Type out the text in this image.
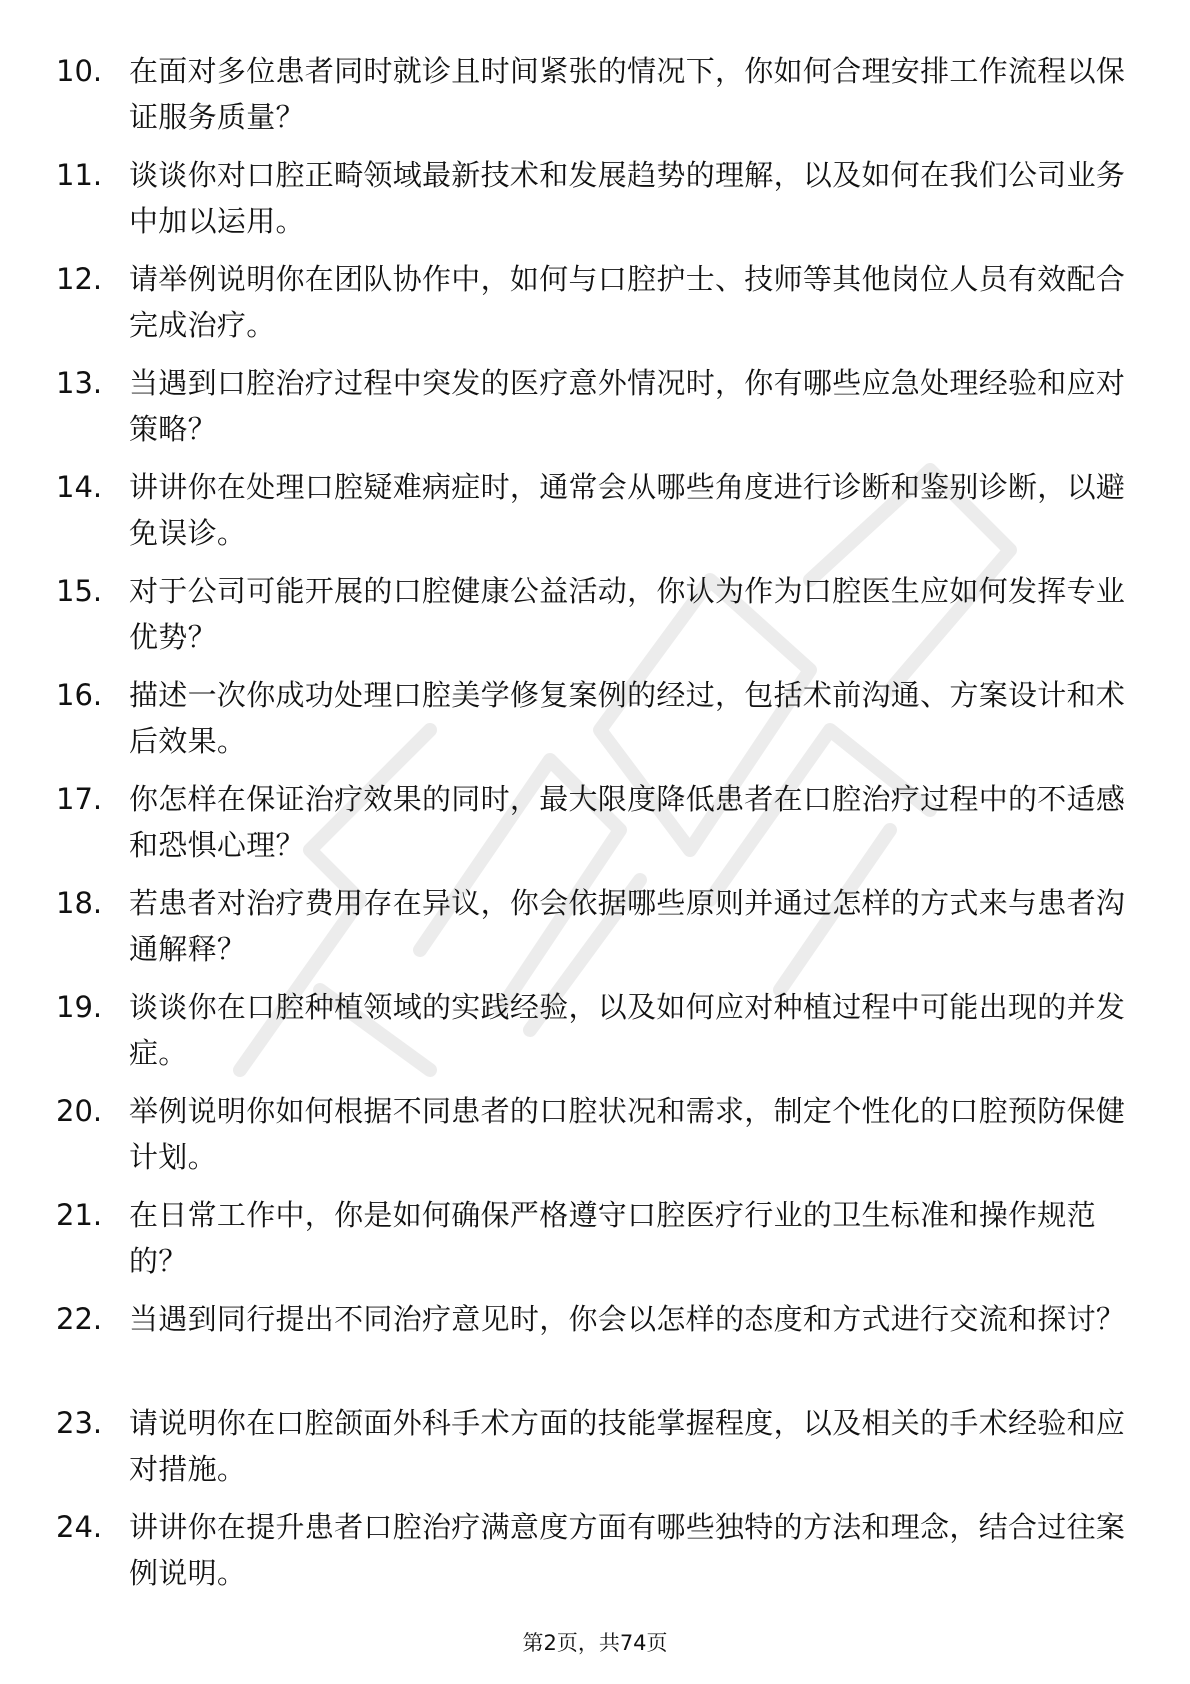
10. 在面对多位患者同时就诊且时间紧张的情况下，你如何合理安排工作流程以保证服务质量？
11. 谈谈你对口腔正畸领域最新技术和发展趋势的理解，以及如何在我们公司业务中加以运用。
12. 请举例说明你在团队协作中，如何与口腔护士、技师等其他岗位人员有效配合完成治疗。
13. 当遇到口腔治疗过程中突发的医疗意外情况时，你有哪些应急处理经验和应对策略？
14. 讲讲你在处理口腔疑难病症时，通常会从哪些角度进行诊断和鉴别诊断，以避免误诊。
15. 对于公司可能开展的口腔健康公益活动，你认为作为口腔医生应如何发挥专业优势？
16. 描述一次你成功处理口腔美学修复案例的经过，包括术前沟通、方案设计和术后效果。
17. 你怎样在保证治疗效果的同时，最大限度降低患者在口腔治疗过程中的不适感和恐惧心理？
18. 若患者对治疗费用存在异议，你会依据哪些原则并通过怎样的方式来与患者沟通解释？
19. 谈谈你在口腔种植领域的实践经验，以及如何应对种植过程中可能出现的并发症。
20. 举例说明你如何根据不同患者的口腔状况和需求，制定个性化的口腔预防保健计划。
21. 在日常工作中，你是如何确保严格遵守口腔医疗行业的卫生标准和操作规范的？
22. 当遇到同行提出不同治疗意见时，你会以怎样的态度和方式进行交流和探讨？
23. 请说明你在口腔颌面外科手术方面的技能掌握程度，以及相关的手术经验和应对措施。
24. 讲讲你在提升患者口腔治疗满意度方面有哪些独特的方法和理念，结合过往案例说明。
第2页，共74页
